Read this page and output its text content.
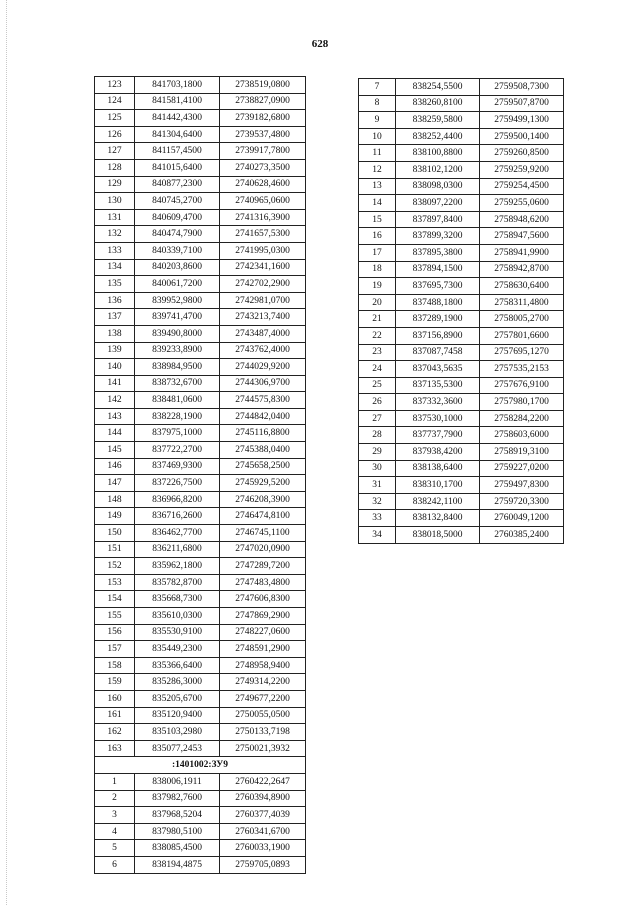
628
123	841703,1800	2738519,0800
124	841581,4100	2738827,0900
125	841442,4300	2739182,6800
126	841304,6400	2739537,4800
127	841157,4500	2739917,7800
128	841015,6400	2740273,3500
129	840877,2300	2740628,4600
130	840745,2700	2740965,0600
131	840609,4700	2741316,3900
132	840474,7900	2741657,5300
133	840339,7100	2741995,0300
134	840203,8600	2742341,1600
135	840061,7200	2742702,2900
136	839952,9800	2742981,0700
137	839741,4700	2743213,7400
138	839490,8000	2743487,4000
139	839233,8900	2743762,4000
140	838984,9500	2744029,9200
141	838732,6700	2744306,9700
142	838481,0600	2744575,8300
143	838228,1900	2744842,0400
144	837975,1000	2745116,8800
145	837722,2700	2745388,0400
146	837469,9300	2745658,2500
147	837226,7500	2745929,5200
148	836966,8200	2746208,3900
149	836716,2600	2746474,8100
150	836462,7700	2746745,1100
151	836211,6800	2747020,0900
152	835962,1800	2747289,7200
153	835782,8700	2747483,4800
154	835668,7300	2747606,8300
155	835610,0300	2747869,2900
156	835530,9100	2748227,0600
157	835449,2300	2748591,2900
158	835366,6400	2748958,9400
159	835286,3000	2749314,2200
160	835205,6700	2749677,2200
161	835120,9400	2750055,0500
162	835103,2980	2750133,7198
163	835077,2453	2750021,3932
:1401002:ЗУ9		
1	838006,1911	2760422,2647
2	837982,7600	2760394,8900
3	837968,5204	2760377,4039
4	837980,5100	2760341,6700
5	838085,4500	2760033,1900
6	838194,4875	2759705,0893
7	838254,5500	2759508,7300
8	838260,8100	2759507,8700
9	838259,5800	2759499,1300
10	838252,4400	2759500,1400
11	838100,8800	2759260,8500
12	838102,1200	2759259,9200
13	838098,0300	2759254,4500
14	838097,2200	2759255,0600
15	837897,8400	2758948,6200
16	837899,3200	2758947,5600
17	837895,3800	2758941,9900
18	837894,1500	2758942,8700
19	837695,7300	2758630,6400
20	837488,1800	2758311,4800
21	837289,1900	2758005,2700
22	837156,8900	2757801,6600
23	837087,7458	2757695,1270
24	837043,5635	2757535,2153
25	837135,5300	2757676,9100
26	837332,3600	2757980,1700
27	837530,1000	2758284,2200
28	837737,7900	2758603,6000
29	837938,4200	2758919,3100
30	838138,6400	2759227,0200
31	838310,1700	2759497,8300
32	838242,1100	2759720,3300
33	838132,8400	2760049,1200
34	838018,5000	2760385,2400
